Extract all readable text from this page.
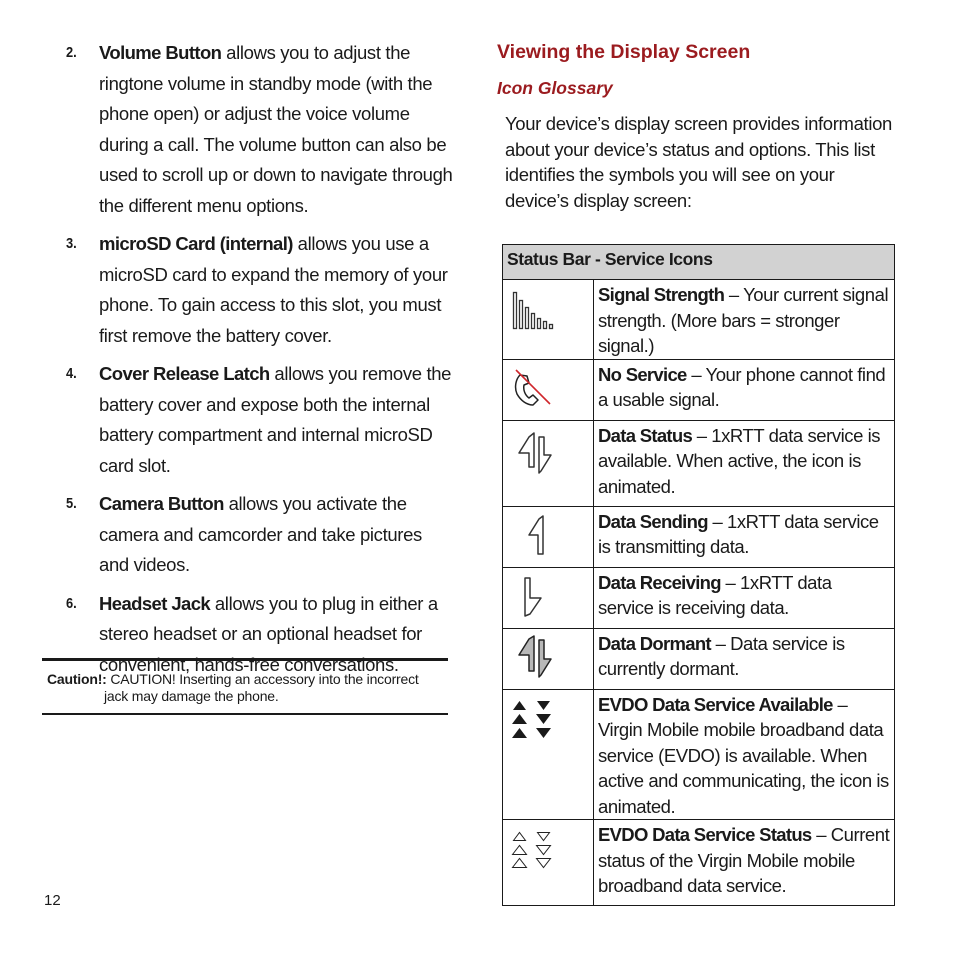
2.	Volume Button allows you to adjust the ringtone volume in standby mode (with the phone open) or adjust the voice volume during a call. The volume button can also be used to scroll up or down to navigate through the different menu options.
3.	microSD Card (internal) allows you use a microSD card to expand the memory of your phone. To gain access to this slot, you must first remove the battery cover.
4.	Cover Release Latch allows you remove the battery cover and expose both the internal battery compartment and internal microSD card slot.
5.	Camera Button allows you activate the camera and camcorder and take pictures and videos.
6.	Headset Jack allows you to plug in either a stereo headset or an optional headset for convenient, hands-free conversations.
Caution!: CAUTION! Inserting an accessory into the incorrect
jack may damage the phone.
Viewing the Display Screen
Icon Glossary
Your device’s display screen provides information about your device’s status and options. This list identifies the symbols you will see on your device’s display screen:
Status Bar - Service Icons	

	Signal Strength – Your current signal strength. (More bars = stronger signal.)

	No Service – Your phone cannot find a usable signal.

	Data Status – 1xRTT data service is available. When active, the icon is animated.

	Data Sending – 1xRTT data service is transmitting data.

	Data Receiving – 1xRTT data service is receiving data.

	Data Dormant – Data service is currently dormant.

	EVDO Data Service Available – Virgin Mobile mobile broadband data service (EVDO) is available. When active and communicating, the icon is animated.

	EVDO Data Service Status – Current status of the Virgin Mobile mobile broadband data service.
12
